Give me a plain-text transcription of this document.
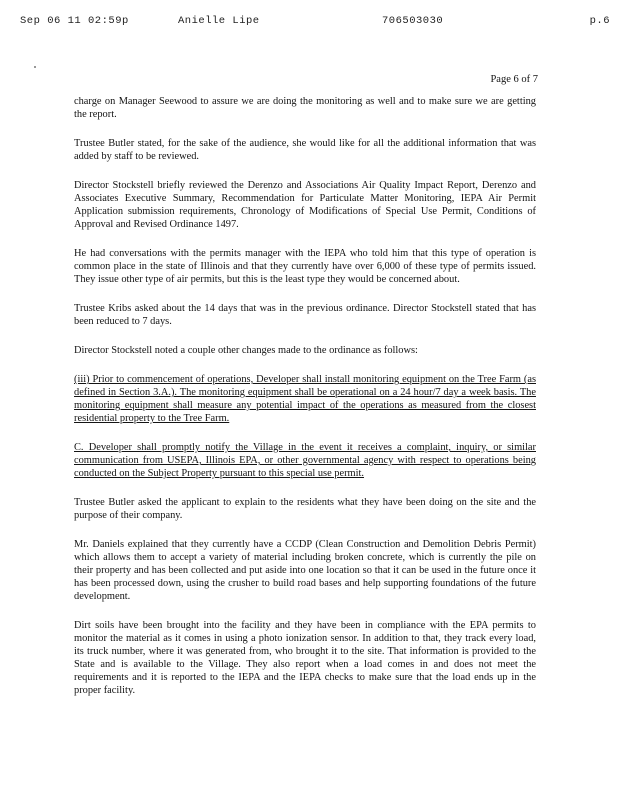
Sep 06 11 02:59p	Anielle Lipe	706503030	p.6
Page 6 of 7

charge on Manager Seewood to assure we are doing the monitoring as well and to make sure we are getting the report.

Trustee Butler stated, for the sake of the audience, she would like for all the additional information that was added by staff to be reviewed.

Director Stockstell briefly reviewed the Derenzo and Associations Air Quality Impact Report, Derenzo and Associates Executive Summary, Recommendation for Particulate Matter Monitoring, IEPA Air Permit Application submission requirements, Chronology of Modifications of Special Use Permit, Conditions of Approval and Revised Ordinance 1497.

He had conversations with the permits manager with the IEPA who told him that this type of operation is common place in the state of Illinois and that they currently have over 6,000 of these type of permits issued. They issue other type of air permits, but this is the least type they would be concerned about.

Trustee Kribs asked about the 14 days that was in the previous ordinance. Director Stockstell stated that has been reduced to 7 days.

Director Stockstell noted a couple other changes made to the ordinance as follows:

(iii) Prior to commencement of operations, Developer shall install monitoring equipment on the Tree Farm (as defined in Section 3.A.). The monitoring equipment shall be operational on a 24 hour/7 day a week basis. The monitoring equipment shall measure any potential impact of the operations as measured from the closest residential property to the Tree Farm.

C. Developer shall promptly notify the Village in the event it receives a complaint, inquiry, or similar communication from USEPA, Illinois EPA, or other governmental agency with respect to operations being conducted on the Subject Property pursuant to this special use permit.

Trustee Butler asked the applicant to explain to the residents what they have been doing on the site and the purpose of their company.

Mr. Daniels explained that they currently have a CCDP (Clean Construction and Demolition Debris Permit) which allows them to accept a variety of material including broken concrete, which is currently the pile on their property and has been collected and put aside into one location so that it can be used in the future once it has been processed down, using the crusher to build road bases and help supporting foundations of the future development.

Dirt soils have been brought into the facility and they have been in compliance with the EPA permits to monitor the material as it comes in using a photo ionization sensor. In addition to that, they track every load, its truck number, where it was generated from, who brought it to the site. That information is provided to the State and is available to the Village. They also report when a load comes in and does not meet the requirements and it is reported to the IEPA and the IEPA checks to make sure that the load ends up in the proper facility.
